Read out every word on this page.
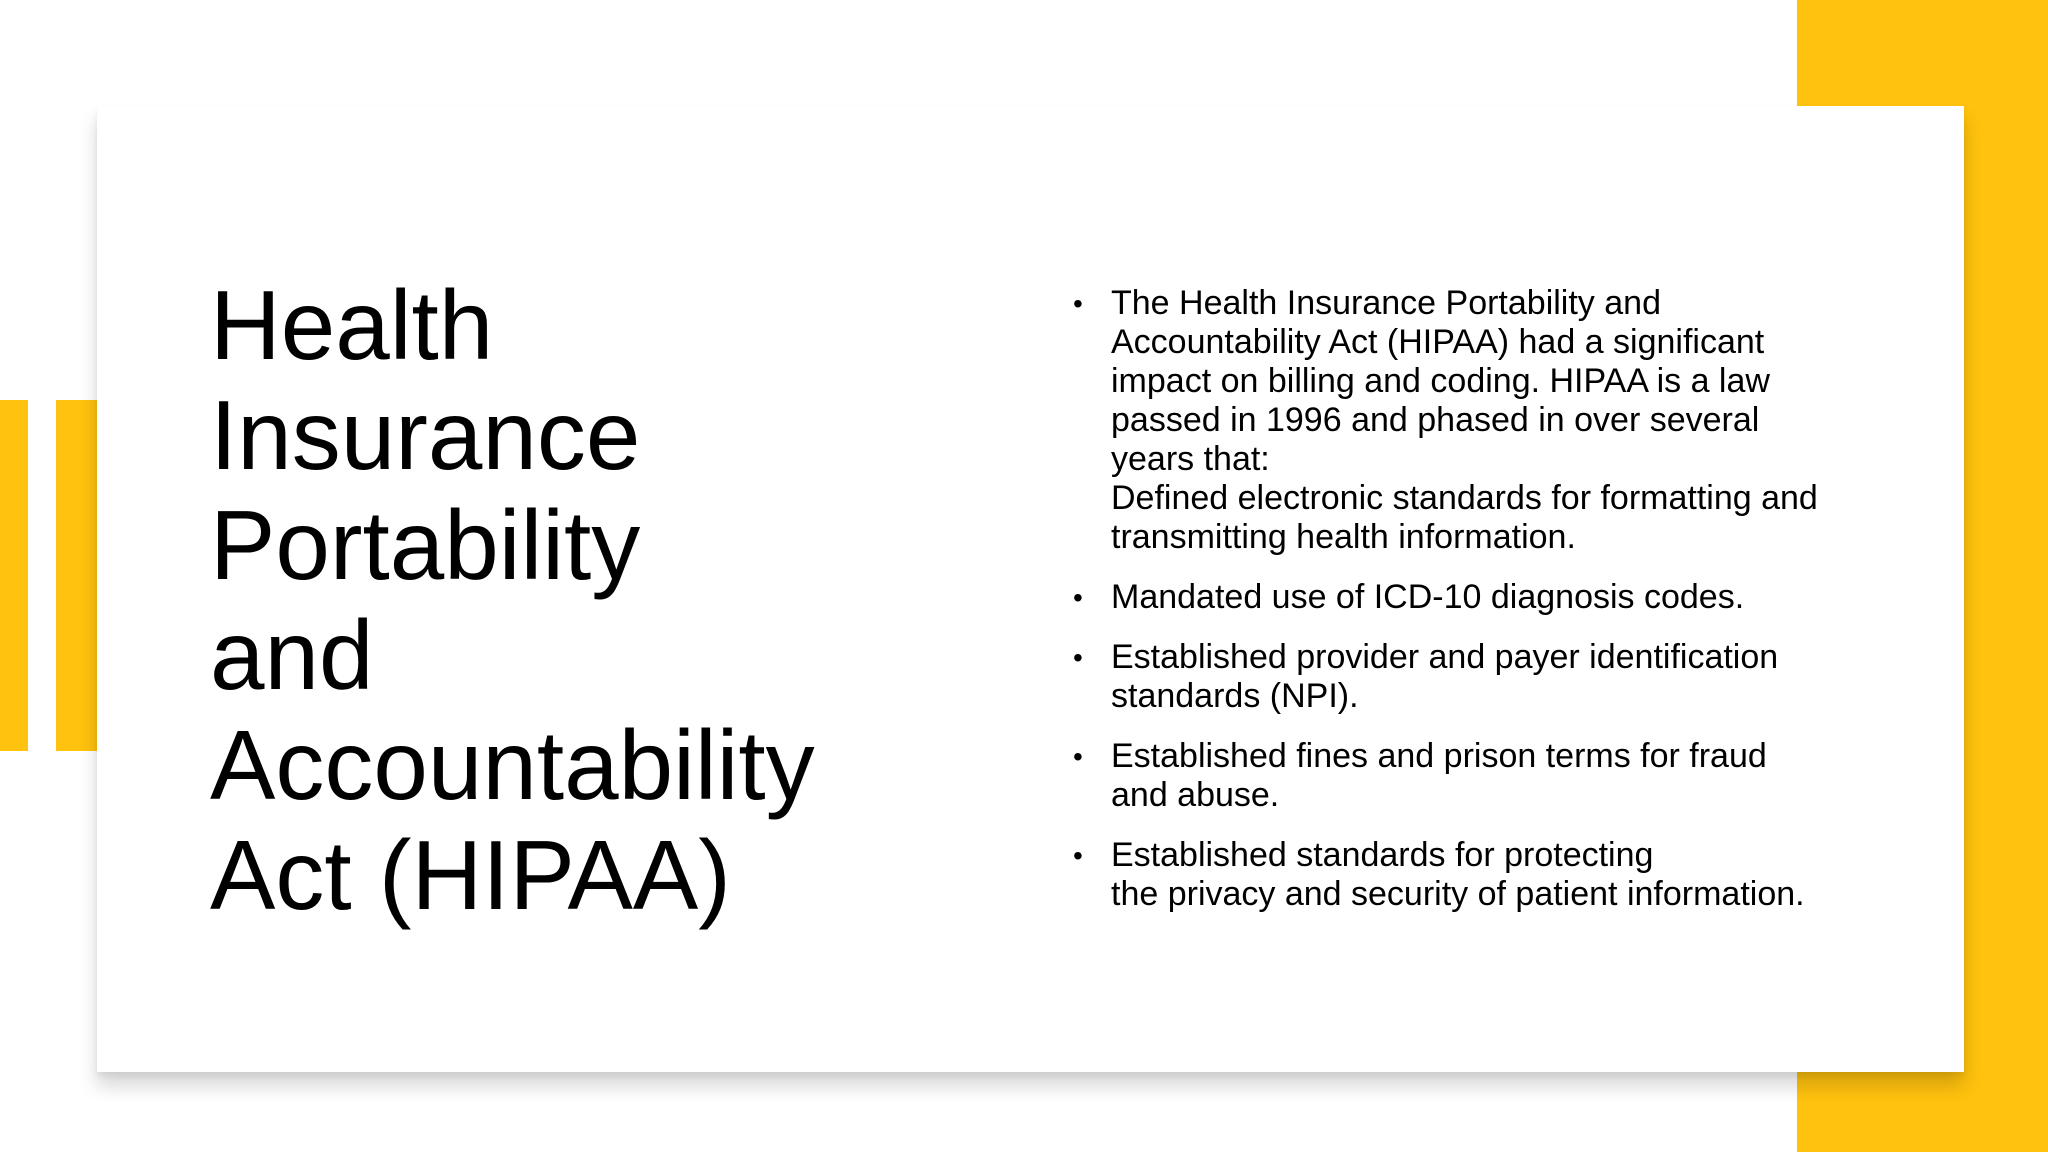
Health
Insurance
Portability
and
Accountability
Act (HIPAA)
• The Health Insurance Portability and
Accountability Act (HIPAA) had a significant
impact on billing and coding. HIPAA is a law
passed in 1996 and phased in over several
years that:
Defined electronic standards for formatting and
transmitting health information.
• Mandated use of ICD-10 diagnosis codes.
• Established provider and payer identification
standards (NPI).
• Established fines and prison terms for fraud
and abuse.
• Established standards for protecting
the privacy and security of patient information.
